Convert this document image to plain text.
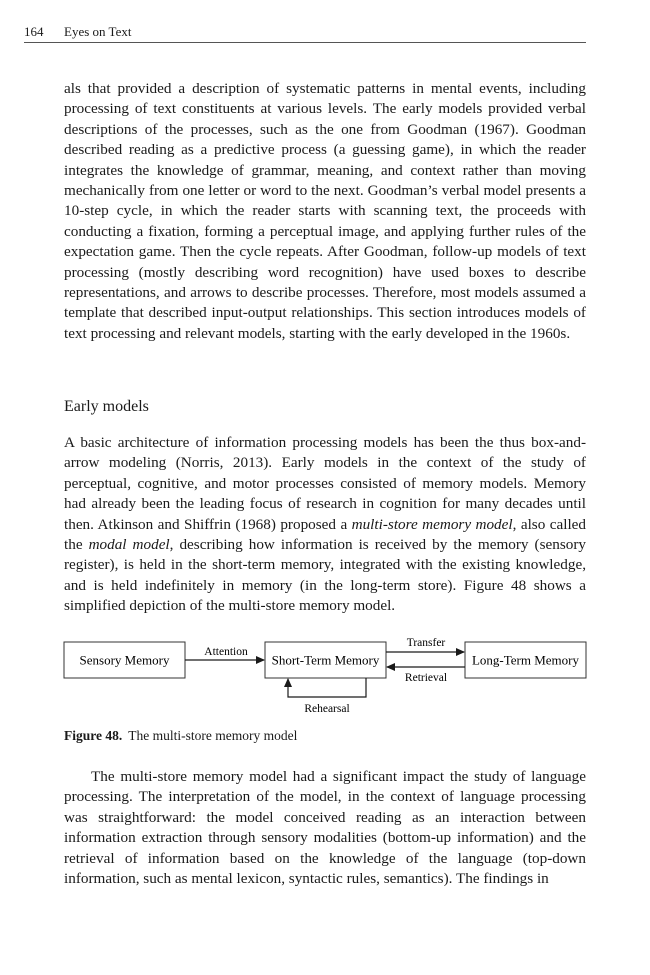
164 Eyes on Text

als that provided a description of systematic patterns in mental events, including processing of text constituents at various levels. The early models provided verbal descriptions of the processes, such as the one from Goodman (1967). Goodman described reading as a predictive process (a guessing game), in which the reader integrates the knowledge of grammar, meaning, and context rather than moving mechanically from one letter or word to the next. Goodman’s verbal model presents a 10-step cycle, in which the reader starts with scanning text, the proceeds with conducting a fixation, forming a perceptual image, and applying further rules of the expectation game. Then the cycle repeats. After Goodman, follow-up models of text processing (mostly describing word recognition) have used boxes to describe representations, and arrows to describe processes. Therefore, most models assumed a template that described input-output relationships. This section introduces models of text processing and relevant models, starting with the early developed in the 1960s.

Early models

A basic architecture of information processing models has been the thus box-and-arrow modeling (Norris, 2013). Early models in the context of the study of perceptual, cognitive, and motor processes consisted of memory models. Memory had already been the leading focus of research in cognition for many decades until then. Atkinson and Shiffrin (1968) proposed a multi-store memory model, also called the modal model, describing how information is received by the memory (sensory register), is held in the short-term memory, integrated with the existing knowledge, and is held indefinitely in memory (in the long-term store). Figure 48 shows a simplified depiction of the multi-store memory model.

Sensory Memory	Short-Term Memory	Long-Term Memory
Attention
Transfer
Retrieval
Rehearsal

Figure 48. The multi-store memory model

The multi-store memory model had a significant impact the study of language processing. The interpretation of the model, in the context of language processing was straightforward: the model conceived reading as an interaction between information extraction through sensory modalities (bottom-up information) and the retrieval of information based on the knowledge of the language (top-down information, such as mental lexicon, syntactic rules, semantics). The findings in
